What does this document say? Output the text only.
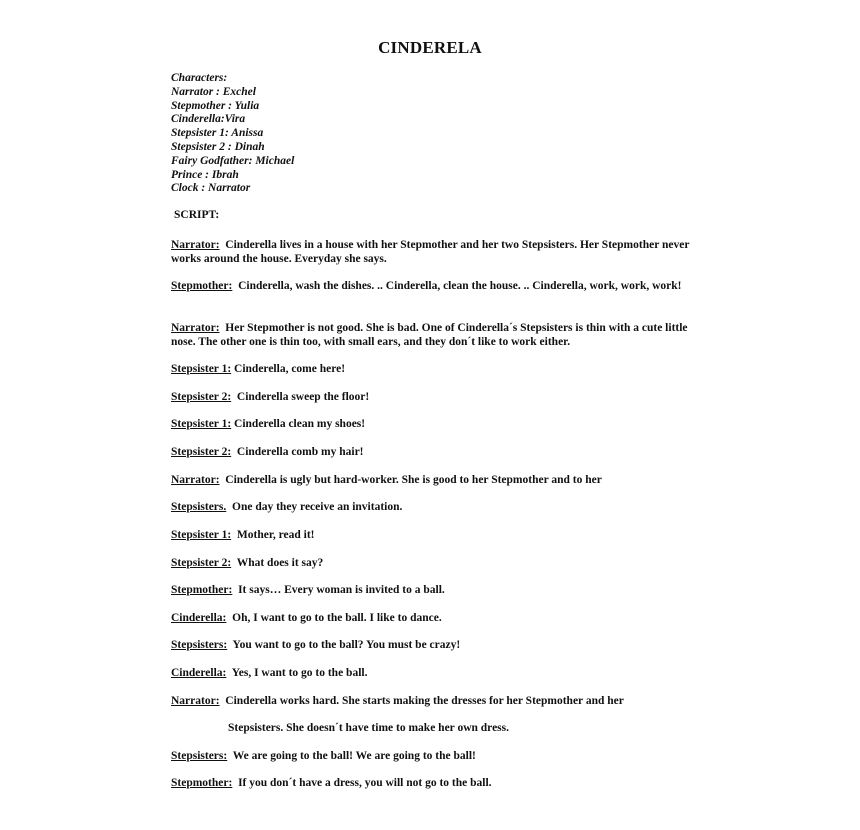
CINDERELA
Characters:
Narrator : Exchel
Stepmother : Yulia
Cinderella:Vira
Stepsister 1: Anissa
Stepsister 2 : Dinah
Fairy Godfather: Michael
Prince : Ibrah
Clock : Narrator
SCRIPT:
Narrator: Cinderella lives in a house with her Stepmother and her two Stepsisters. Her Stepmother never works around the house. Everyday she says.
Stepmother: Cinderella, wash the dishes. .. Cinderella, clean the house. .. Cinderella, work, work, work!
Narrator: Her Stepmother is not good. She is bad. One of Cinderella´s Stepsisters is thin with a cute little nose. The other one is thin too, with small ears, and they don´t like to work either.
Stepsister 1: Cinderella, come here!
Stepsister 2: Cinderella sweep the floor!
Stepsister 1: Cinderella clean my shoes!
Stepsister 2: Cinderella comb my hair!
Narrator: Cinderella is ugly but hard-worker. She is good to her Stepmother and to her
Stepsisters. One day they receive an invitation.
Stepsister 1: Mother, read it!
Stepsister 2: What does it say?
Stepmother: It says… Every woman is invited to a ball.
Cinderella: Oh, I want to go to the ball. I like to dance.
Stepsisters: You want to go to the ball? You must be crazy!
Cinderella: Yes, I want to go to the ball.
Narrator: Cinderella works hard. She starts making the dresses for her Stepmother and her
Stepsisters. She doesn´t have time to make her own dress.
Stepsisters: We are going to the ball! We are going to the ball!
Stepmother: If you don´t have a dress, you will not go to the ball.
